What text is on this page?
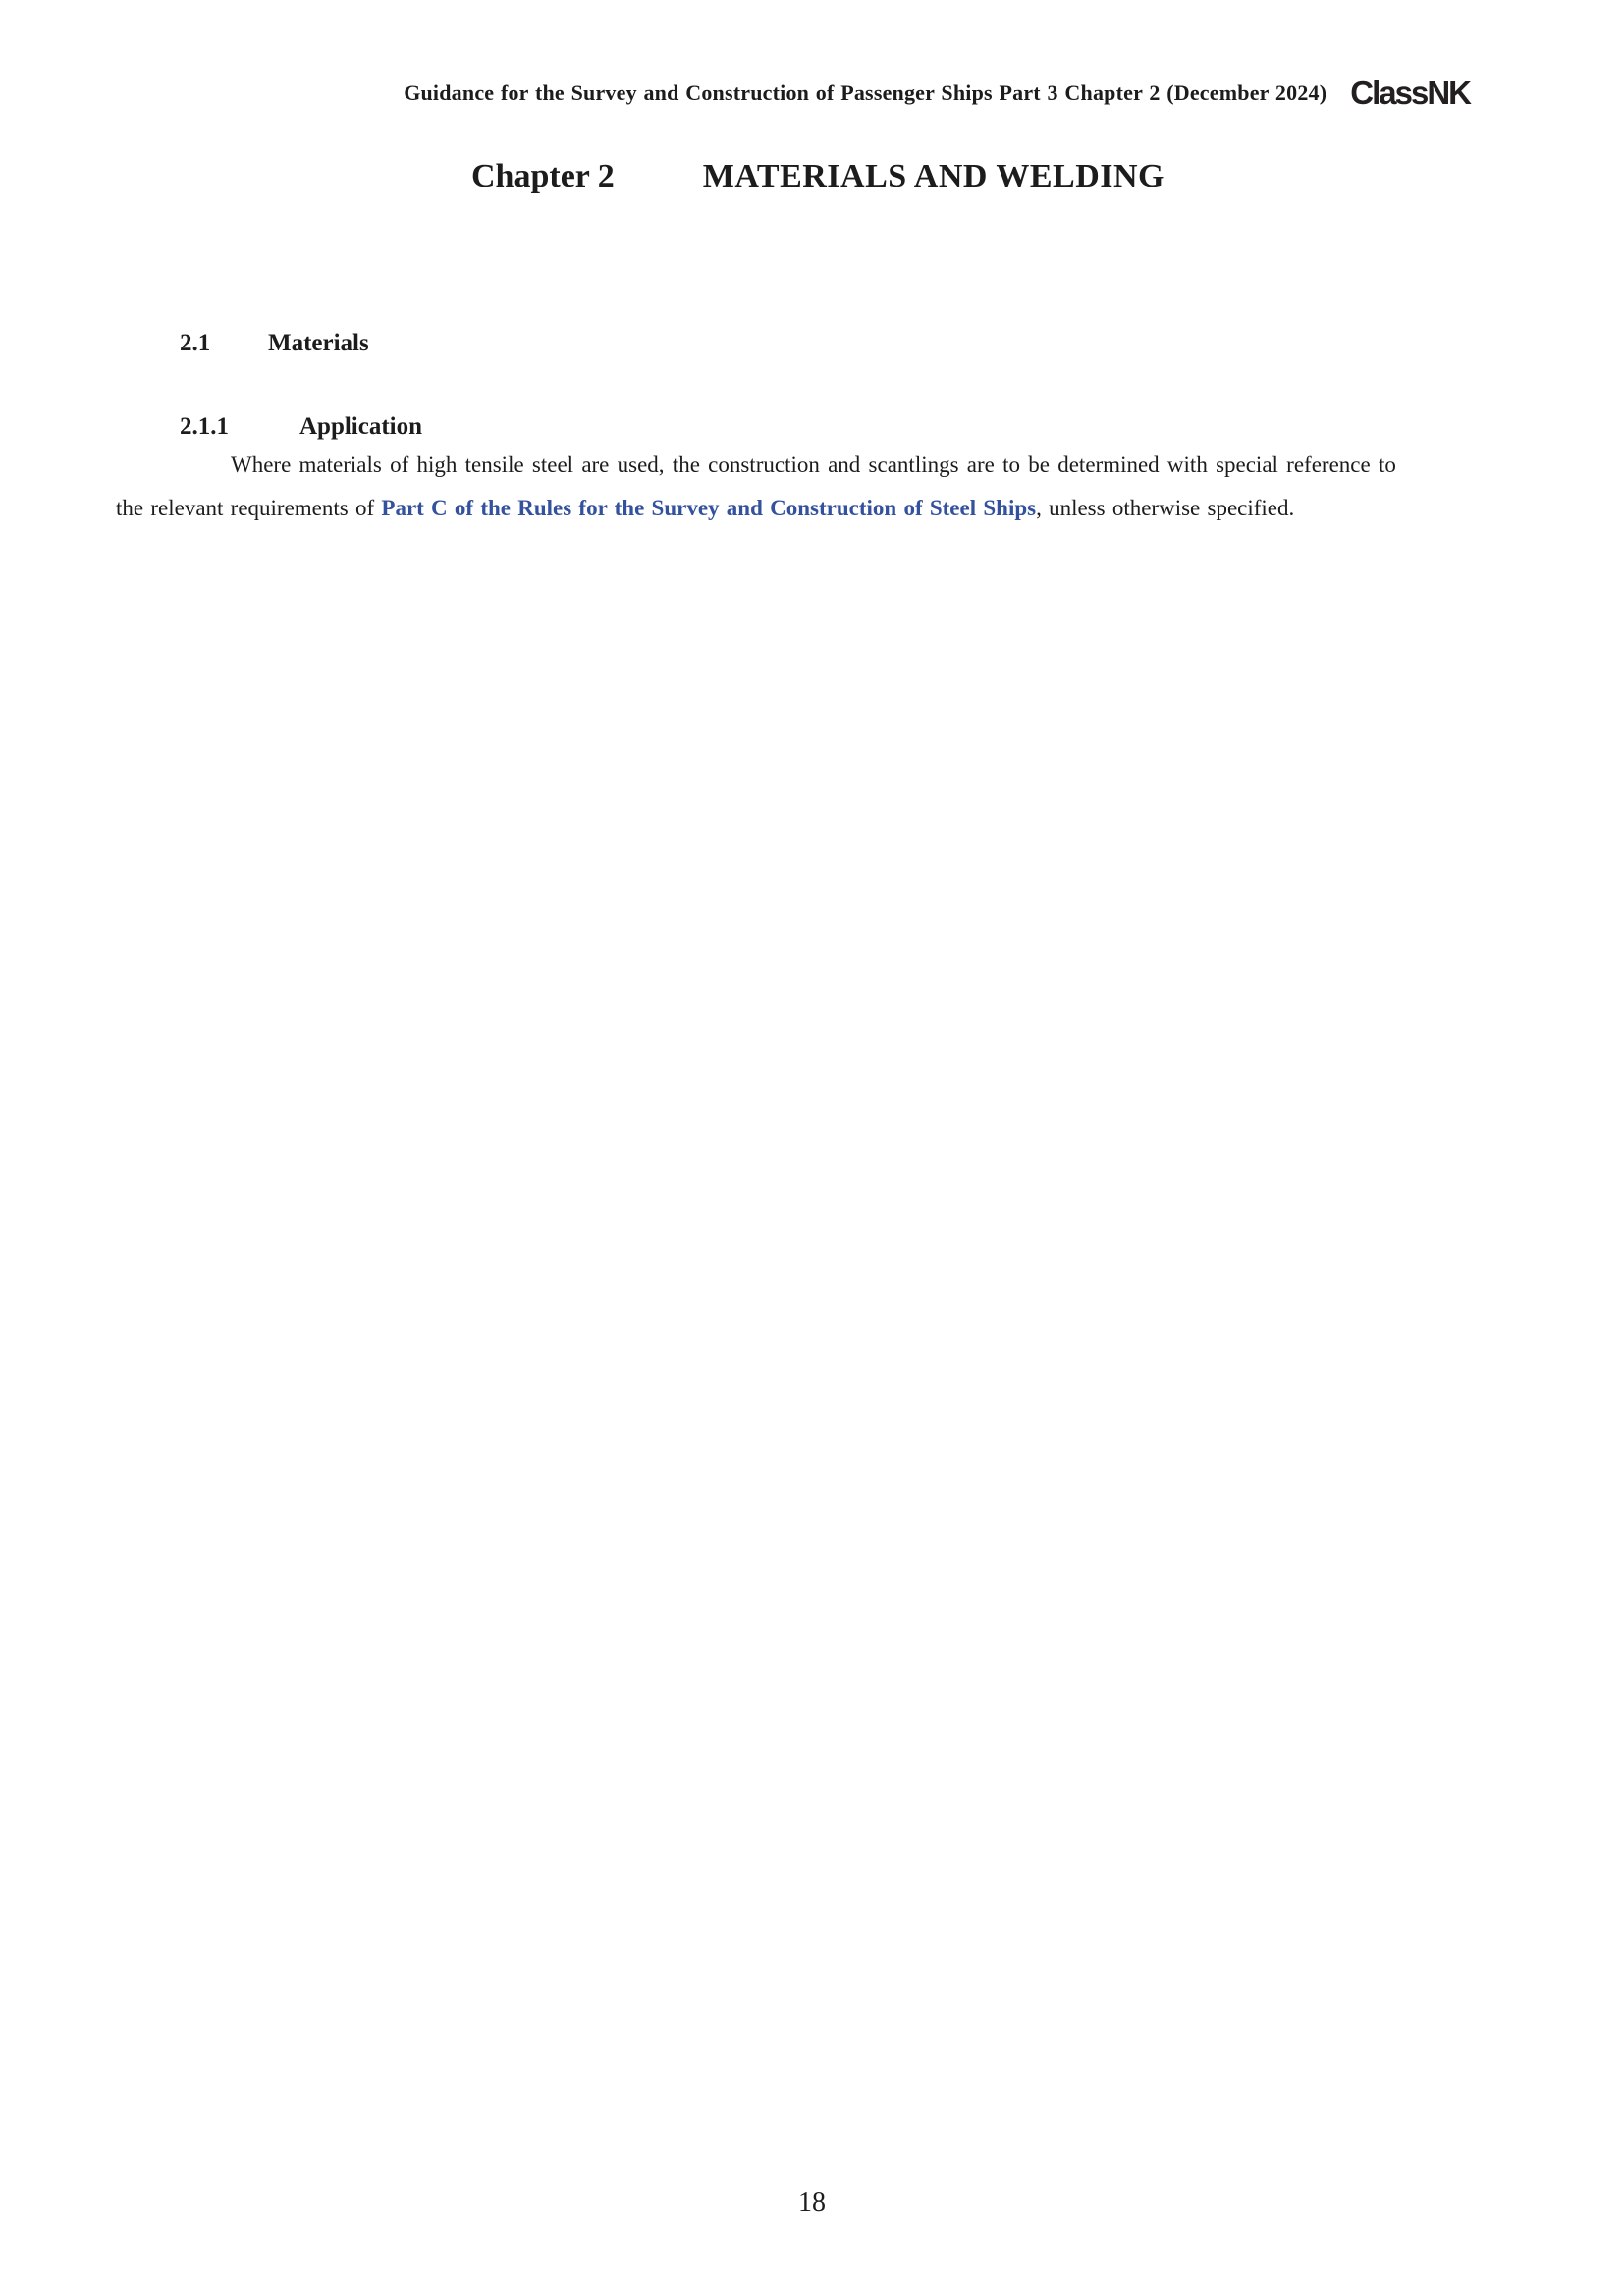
Guidance for the Survey and Construction of Passenger Ships Part 3 Chapter 2 (December 2024) ClassNK
Chapter 2	MATERIALS AND WELDING
2.1	Materials
2.1.1	Application
Where materials of high tensile steel are used, the construction and scantlings are to be determined with special reference to
the relevant requirements of Part C of the Rules for the Survey and Construction of Steel Ships, unless otherwise specified.
18
